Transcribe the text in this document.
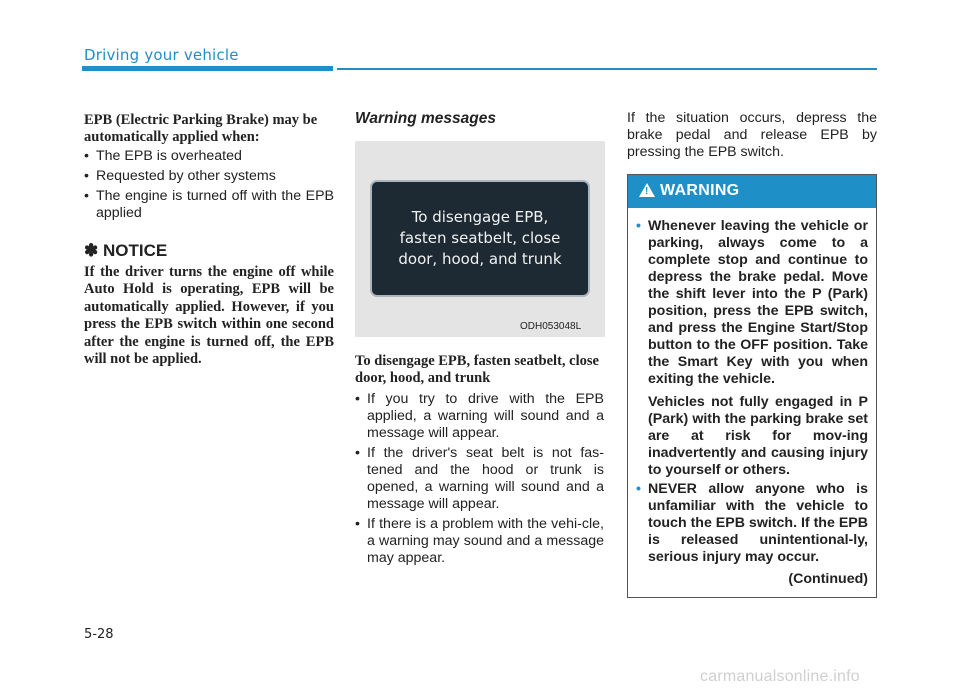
Driving your vehicle
EPB (Electric Parking Brake) may be automatically applied when:
• The EPB is overheated
• Requested by other systems
• The engine is turned off with the EPB applied
✽ NOTICE
If the driver turns the engine off while Auto Hold is operating, EPB will be automatically applied. However, if you press the EPB switch within one second after the engine is turned off, the EPB will not be applied.
Warning messages
To disengage EPB, fasten seatbelt, close door, hood, and trunk
ODH053048L
To disengage EPB, fasten seatbelt, close door, hood, and trunk
• If you try to drive with the EPB applied, a warning will sound and a message will appear.
• If the driver's seat belt is not fas-tened and the hood or trunk is opened, a warning will sound and a message will appear.
• If there is a problem with the vehi-cle, a warning may sound and a message may appear.
If the situation occurs, depress the brake pedal and release EPB by pressing the EPB switch.
! WARNING
• Whenever leaving the vehicle or parking, always come to a complete stop and continue to depress the brake pedal. Move the shift lever into the P (Park) position, press the EPB switch, and press the Engine Start/Stop button to the OFF position. Take the Smart Key with you when exiting the vehicle.
Vehicles not fully engaged in P (Park) with the parking brake set are at risk for mov-ing inadvertently and causing injury to yourself or others.
• NEVER allow anyone who is unfamiliar with the vehicle to touch the EPB switch. If the EPB is released unintentional-ly, serious injury may occur.
(Continued)
5-28
carmanualsonline.info
